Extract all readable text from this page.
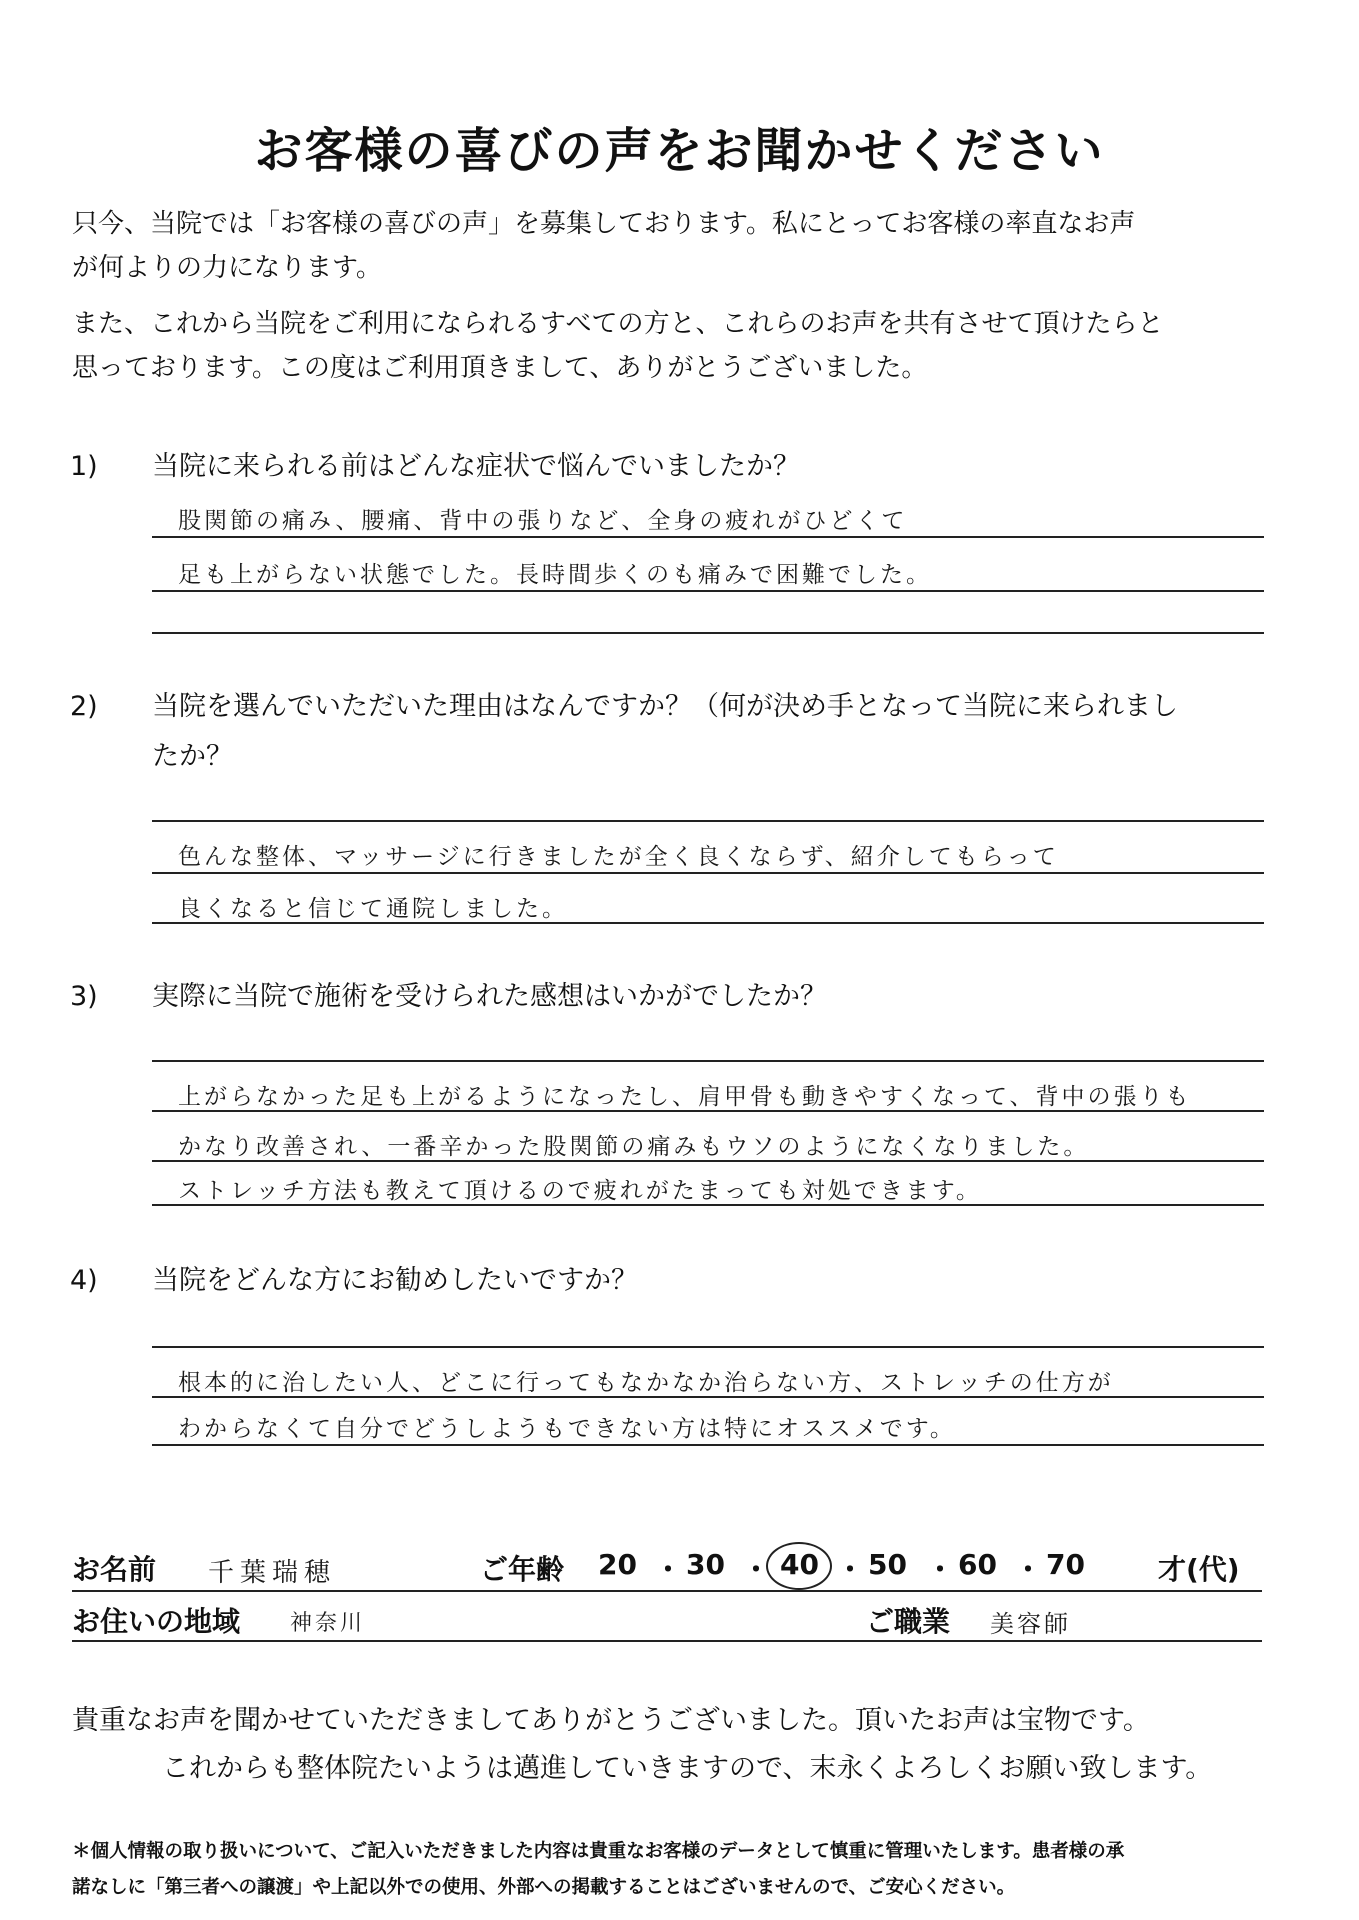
お客様の喜びの声をお聞かせください
只今、当院では「お客様の喜びの声」を募集しております。私にとってお客様の率直なお声
が何よりの力になります。
また、これから当院をご利用になられるすべての方と、これらのお声を共有させて頂けたらと
思っております。この度はご利用頂きまして、ありがとうございました。
1)	当院に来られる前はどんな症状で悩んでいましたか？
股関節の痛み、腰痛、背中の張りなど、全身の疲れがひどくて
足も上がらない状態でした。長時間歩くのも痛みで困難でした。
2)	当院を選んでいただいた理由はなんですか？（何が決め手となって当院に来られまし
たか？
色んな整体、マッサージに行きましたが全く良くならず、紹介してもらって
良くなると信じて通院しました。
3)	実際に当院で施術を受けられた感想はいかがでしたか？
上がらなかった足も上がるようになったし、肩甲骨も動きやすくなって、背中の張りも
かなり改善され、一番辛かった股関節の痛みもウソのようになくなりました。
ストレッチ方法も教えて頂けるので疲れがたまっても対処できます。
4)	当院をどんな方にお勧めしたいですか？
根本的に治したい人、どこに行ってもなかなか治らない方、ストレッチの仕方が
わからなくて自分でどうしようもできない方は特にオススメです。
お名前 千葉瑞穂	ご年齢 20 ・ 30 ・ 40 ・ 50 ・ 60 ・ 70	才(代)
お住いの地域 神奈川	ご職業 美容師
貴重なお声を聞かせていただきましてありがとうございました。頂いたお声は宝物です。
これからも整体院たいようは邁進していきますので、末永くよろしくお願い致します。
＊個人情報の取り扱いについて、ご記入いただきました内容は貴重なお客様のデータとして慎重に管理いたします。患者様の承
諾なしに「第三者への譲渡」や上記以外での使用、外部への掲載することはございませんので、ご安心ください。
